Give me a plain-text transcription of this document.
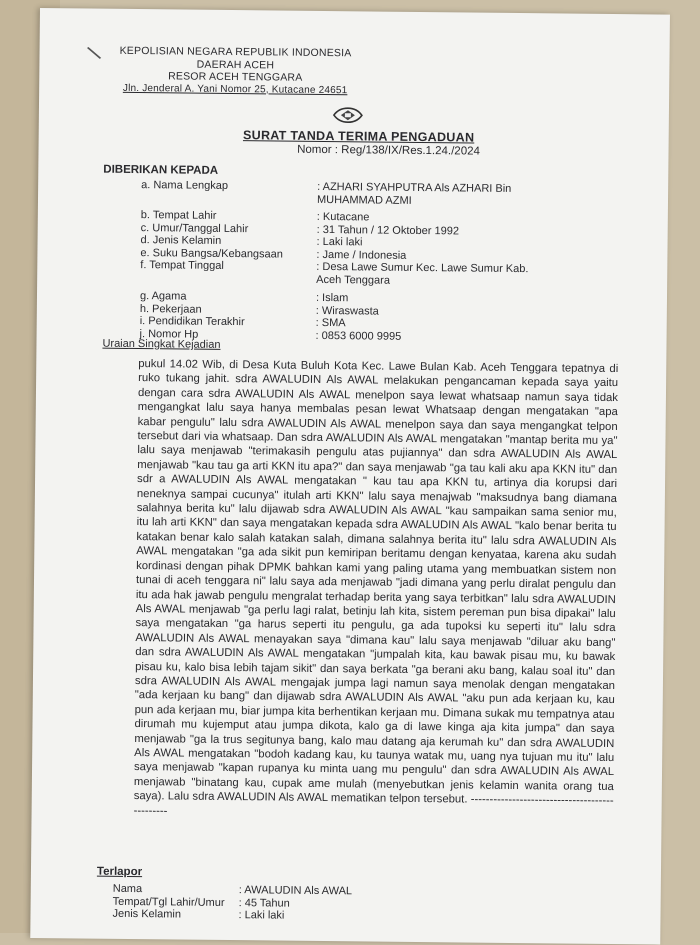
\	KEPOLISIAN NEGARA REPUBLIK INDONESIA
DAERAH ACEH
RESOR ACEH TENGGARA
Jln. Jenderal A. Yani Nomor 25, Kutacane 24651
SURAT TANDA TERIMA PENGADUAN
Nomor : Reg/138/IX/Res.1.24./2024
DIBERIKAN KEPADA
a. Nama Lengkap	: AZHARI SYAHPUTRA Als AZHARI Bin
MUHAMMAD AZMI
b. Tempat Lahir	: Kutacane
c. Umur/Tanggal Lahir	: 31 Tahun / 12 Oktober 1992
d. Jenis Kelamin	: Laki laki
e. Suku Bangsa/Kebangsaan	: Jame / Indonesia
f. Tempat Tinggal	: Desa Lawe Sumur Kec. Lawe Sumur Kab.
Aceh Tenggara
g. Agama	: Islam
h. Pekerjaan	: Wiraswasta
i. Pendidikan Terakhir	: SMA
j. Nomor Hp	: 0853 6000 9995
Uraian Singkat Kejadian
pukul 14.02 Wib, di Desa Kuta Buluh Kota Kec. Lawe Bulan Kab. Aceh Tenggara tepatnya di ruko tukang jahit. sdra AWALUDIN Als AWAL melakukan pengancaman kepada saya yaitu dengan cara sdra AWALUDIN Als AWAL menelpon saya lewat whatsaap namun saya tidak mengangkat lalu saya hanya membalas pesan lewat Whatsaap dengan mengatakan "apa kabar pengulu" lalu sdra AWALUDIN Als AWAL menelpon saya dan saya mengangkat telpon tersebut dari via whatsaap. Dan sdra AWALUDIN Als AWAL mengatakan "mantap berita mu ya" lalu saya menjawab "terimakasih pengulu atas pujiannya" dan sdra AWALUDIN Als AWAL menjawab "kau tau ga arti KKN itu apa?" dan saya menjawab "ga tau kali aku apa KKN itu" dan sdr a AWALUDIN Als AWAL mengatakan " kau tau apa KKN tu, artinya dia korupsi dari neneknya sampai cucunya" itulah arti KKN" lalu saya menajwab "maksudnya bang diamana salahnya berita ku" lalu dijawab sdra AWALUDIN Als AWAL "kau sampaikan sama senior mu, itu lah arti KKN" dan saya mengatakan kepada sdra AWALUDIN Als AWAL "kalo benar berita tu katakan benar kalo salah katakan salah, dimana salahnya berita itu" lalu sdra AWALUDIN Als AWAL mengatakan "ga ada sikit pun kemiripan beritamu dengan kenyataa, karena aku sudah kordinasi dengan pihak DPMK bahkan kami yang paling utama yang membuatkan sistem non tunai di aceh tenggara ni" lalu saya ada menjawab "jadi dimana yang perlu diralat pengulu dan itu ada hak jawab pengulu mengralat terhadap berita yang saya terbitkan" lalu sdra AWALUDIN Als AWAL menjawab "ga perlu lagi ralat, betinju lah kita, sistem pereman pun bisa dipakai" lalu saya mengatakan "ga harus seperti itu pengulu, ga ada tupoksi ku seperti itu" lalu sdra AWALUDIN Als AWAL menayakan saya "dimana kau" lalu saya menjawab "diluar aku bang" dan sdra AWALUDIN Als AWAL mengatakan "jumpalah kita, kau bawak pisau mu, ku bawak pisau ku, kalo bisa lebih tajam sikit" dan saya berkata "ga berani aku bang, kalau soal itu" dan sdra AWALUDIN Als AWAL mengajak jumpa lagi namun saya menolak dengan mengatakan "ada kerjaan ku bang" dan dijawab sdra AWALUDIN Als AWAL "aku pun ada kerjaan ku, kau pun ada kerjaan mu, biar jumpa kita berhentikan kerjaan mu. Dimana sukak mu tempatnya atau dirumah mu kujemput atau jumpa dikota, kalo ga di lawe kinga aja kita jumpa" dan saya menjawab "ga la trus segitunya bang, kalo mau datang aja kerumah ku" dan sdra AWALUDIN Als AWAL mengatakan "bodoh kadang kau, ku taunya watak mu, uang nya tujuan mu itu" lalu saya menjawab "kapan rupanya ku minta uang mu pengulu" dan sdra AWALUDIN Als AWAL menjawab "binatang kau, cupak ame mulah (menyebutkan jenis kelamin wanita orang tua saya). Lalu sdra AWALUDIN Als AWAL mematikan telpon tersebut. -----------------------------------------------
Terlapor
Nama	: AWALUDIN Als AWAL
Tempat/Tgl Lahir/Umur	: 45 Tahun
Jenis Kelamin	: Laki laki
